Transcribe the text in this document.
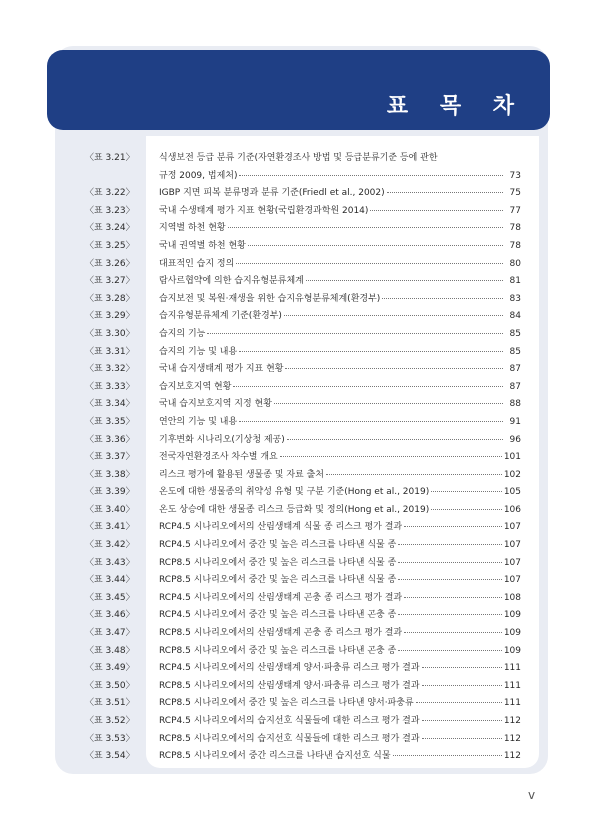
표 목 차
〈표 3.21〉	식생보전 등급 분류 기준(자연환경조사 방법 및 등급분류기준 등에 관한
규정 2009, 법제처)	73
〈표 3.22〉	IGBP 지면 피복 분류명과 분류 기준(Friedl et al., 2002)	75
〈표 3.23〉	국내 수생태계 평가 지표 현황(국립환경과학원 2014)	77
〈표 3.24〉	지역별 하천 현황	78
〈표 3.25〉	국내 권역별 하천 현황	78
〈표 3.26〉	대표적인 습지 정의	80
〈표 3.27〉	람사르협약에 의한 습지유형분류체계	81
〈표 3.28〉	습지보전 및 복원·재생을 위한 습지유형분류체계(환경부)	83
〈표 3.29〉	습지유형분류체계 기준(환경부)	84
〈표 3.30〉	습지의 기능	85
〈표 3.31〉	습지의 기능 및 내용	85
〈표 3.32〉	국내 습지생태계 평가 지표 현황	87
〈표 3.33〉	습지보호지역 현황	87
〈표 3.34〉	국내 습지보호지역 지정 현황	88
〈표 3.35〉	연안의 기능 및 내용	91
〈표 3.36〉	기후변화 시나리오(기상청 제공)	96
〈표 3.37〉	전국자연환경조사 차수별 개요	101
〈표 3.38〉	리스크 평가에 활용된 생물종 및 자료 출처	102
〈표 3.39〉	온도에 대한 생물종의 취약성 유형 및 구분 기준(Hong et al., 2019)	105
〈표 3.40〉	온도 상승에 대한 생물종 리스크 등급화 및 정의(Hong et al., 2019)	106
〈표 3.41〉	RCP4.5 시나리오에서의 산림생태계 식물 종 리스크 평가 결과	107
〈표 3.42〉	RCP4.5 시나리오에서 중간 및 높은 리스크를 나타낸 식물 종	107
〈표 3.43〉	RCP8.5 시나리오에서 중간 및 높은 리스크를 나타낸 식물 종	107
〈표 3.44〉	RCP8.5 시나리오에서 중간 및 높은 리스크를 나타낸 식물 종	107
〈표 3.45〉	RCP4.5 시나리오에서의 산림생태계 곤충 종 리스크 평가 결과	108
〈표 3.46〉	RCP4.5 시나리오에서 중간 및 높은 리스크를 나타낸 곤충 종	109
〈표 3.47〉	RCP8.5 시나리오에서의 산림생태계 곤충 종 리스크 평가 결과	109
〈표 3.48〉	RCP8.5 시나리오에서 중간 및 높은 리스크를 나타낸 곤충 종	109
〈표 3.49〉	RCP4.5 시나리오에서의 산림생태계 양서·파충류 리스크 평가 결과	111
〈표 3.50〉	RCP8.5 시나리오에서의 산림생태계 양서·파충류 리스크 평가 결과	111
〈표 3.51〉	RCP8.5 시나리오에서 중간 및 높은 리스크를 나타낸 양서·파충류	111
〈표 3.52〉	RCP4.5 시나리오에서의 습지선호 식물들에 대한 리스크 평가 결과	112
〈표 3.53〉	RCP8.5 시나리오에서의 습지선호 식물들에 대한 리스크 평가 결과	112
〈표 3.54〉	RCP8.5 시나리오에서 중간 리스크를 나타낸 습지선호 식물	112
v
